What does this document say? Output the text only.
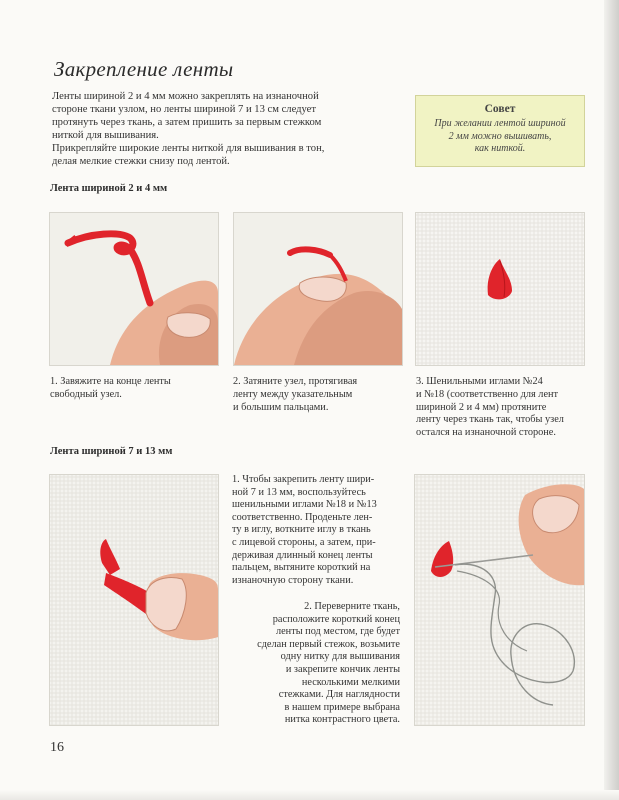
Закрепление ленты

Ленты шириной 2 и 4 мм можно закреплять на изнаночной
стороне ткани узлом, но ленты шириной 7 и 13 см следует
протянуть через ткань, а затем пришить за первым стежком
ниткой для вышивания.

Прикрепляйте широкие ленты ниткой для вышивания в тон,
делая мелкие стежки снизу под лентой.

Совет
При желании лентой шириной
2 мм можно вышивать,
как ниткой.
Лента шириной 2 и 4 мм
1. Завяжите на конце ленты
свободный узел.
2. Затяните узел, протягивая
ленту между указательным
и большим пальцами.
3. Шенильными иглами №24
и №18 (соответственно для лент
шириной 2 и 4 мм) протяните
ленту через ткань так, чтобы узел
остался на изнаночной стороне.
Лента шириной 7 и 13 мм
1. Чтобы закрепить ленту шири-
ной 7 и 13 мм, воспользуйтесь
шенильными иглами №18 и №13
соответственно. Проденьте лен-
ту в иглу, воткните иглу в ткань
с лицевой стороны, а затем, при-
держивая длинный конец ленты
пальцем, вытяните короткий на
изнаночную сторону ткани.
2. Переверните ткань,
расположите короткий конец
ленты под местом, где будет
сделан первый стежок, возьмите
одну нитку для вышивания
и закрепите кончик ленты
несколькими мелкими
стежками. Для наглядности
в нашем примере выбрана
нитка контрастного цвета.
16
